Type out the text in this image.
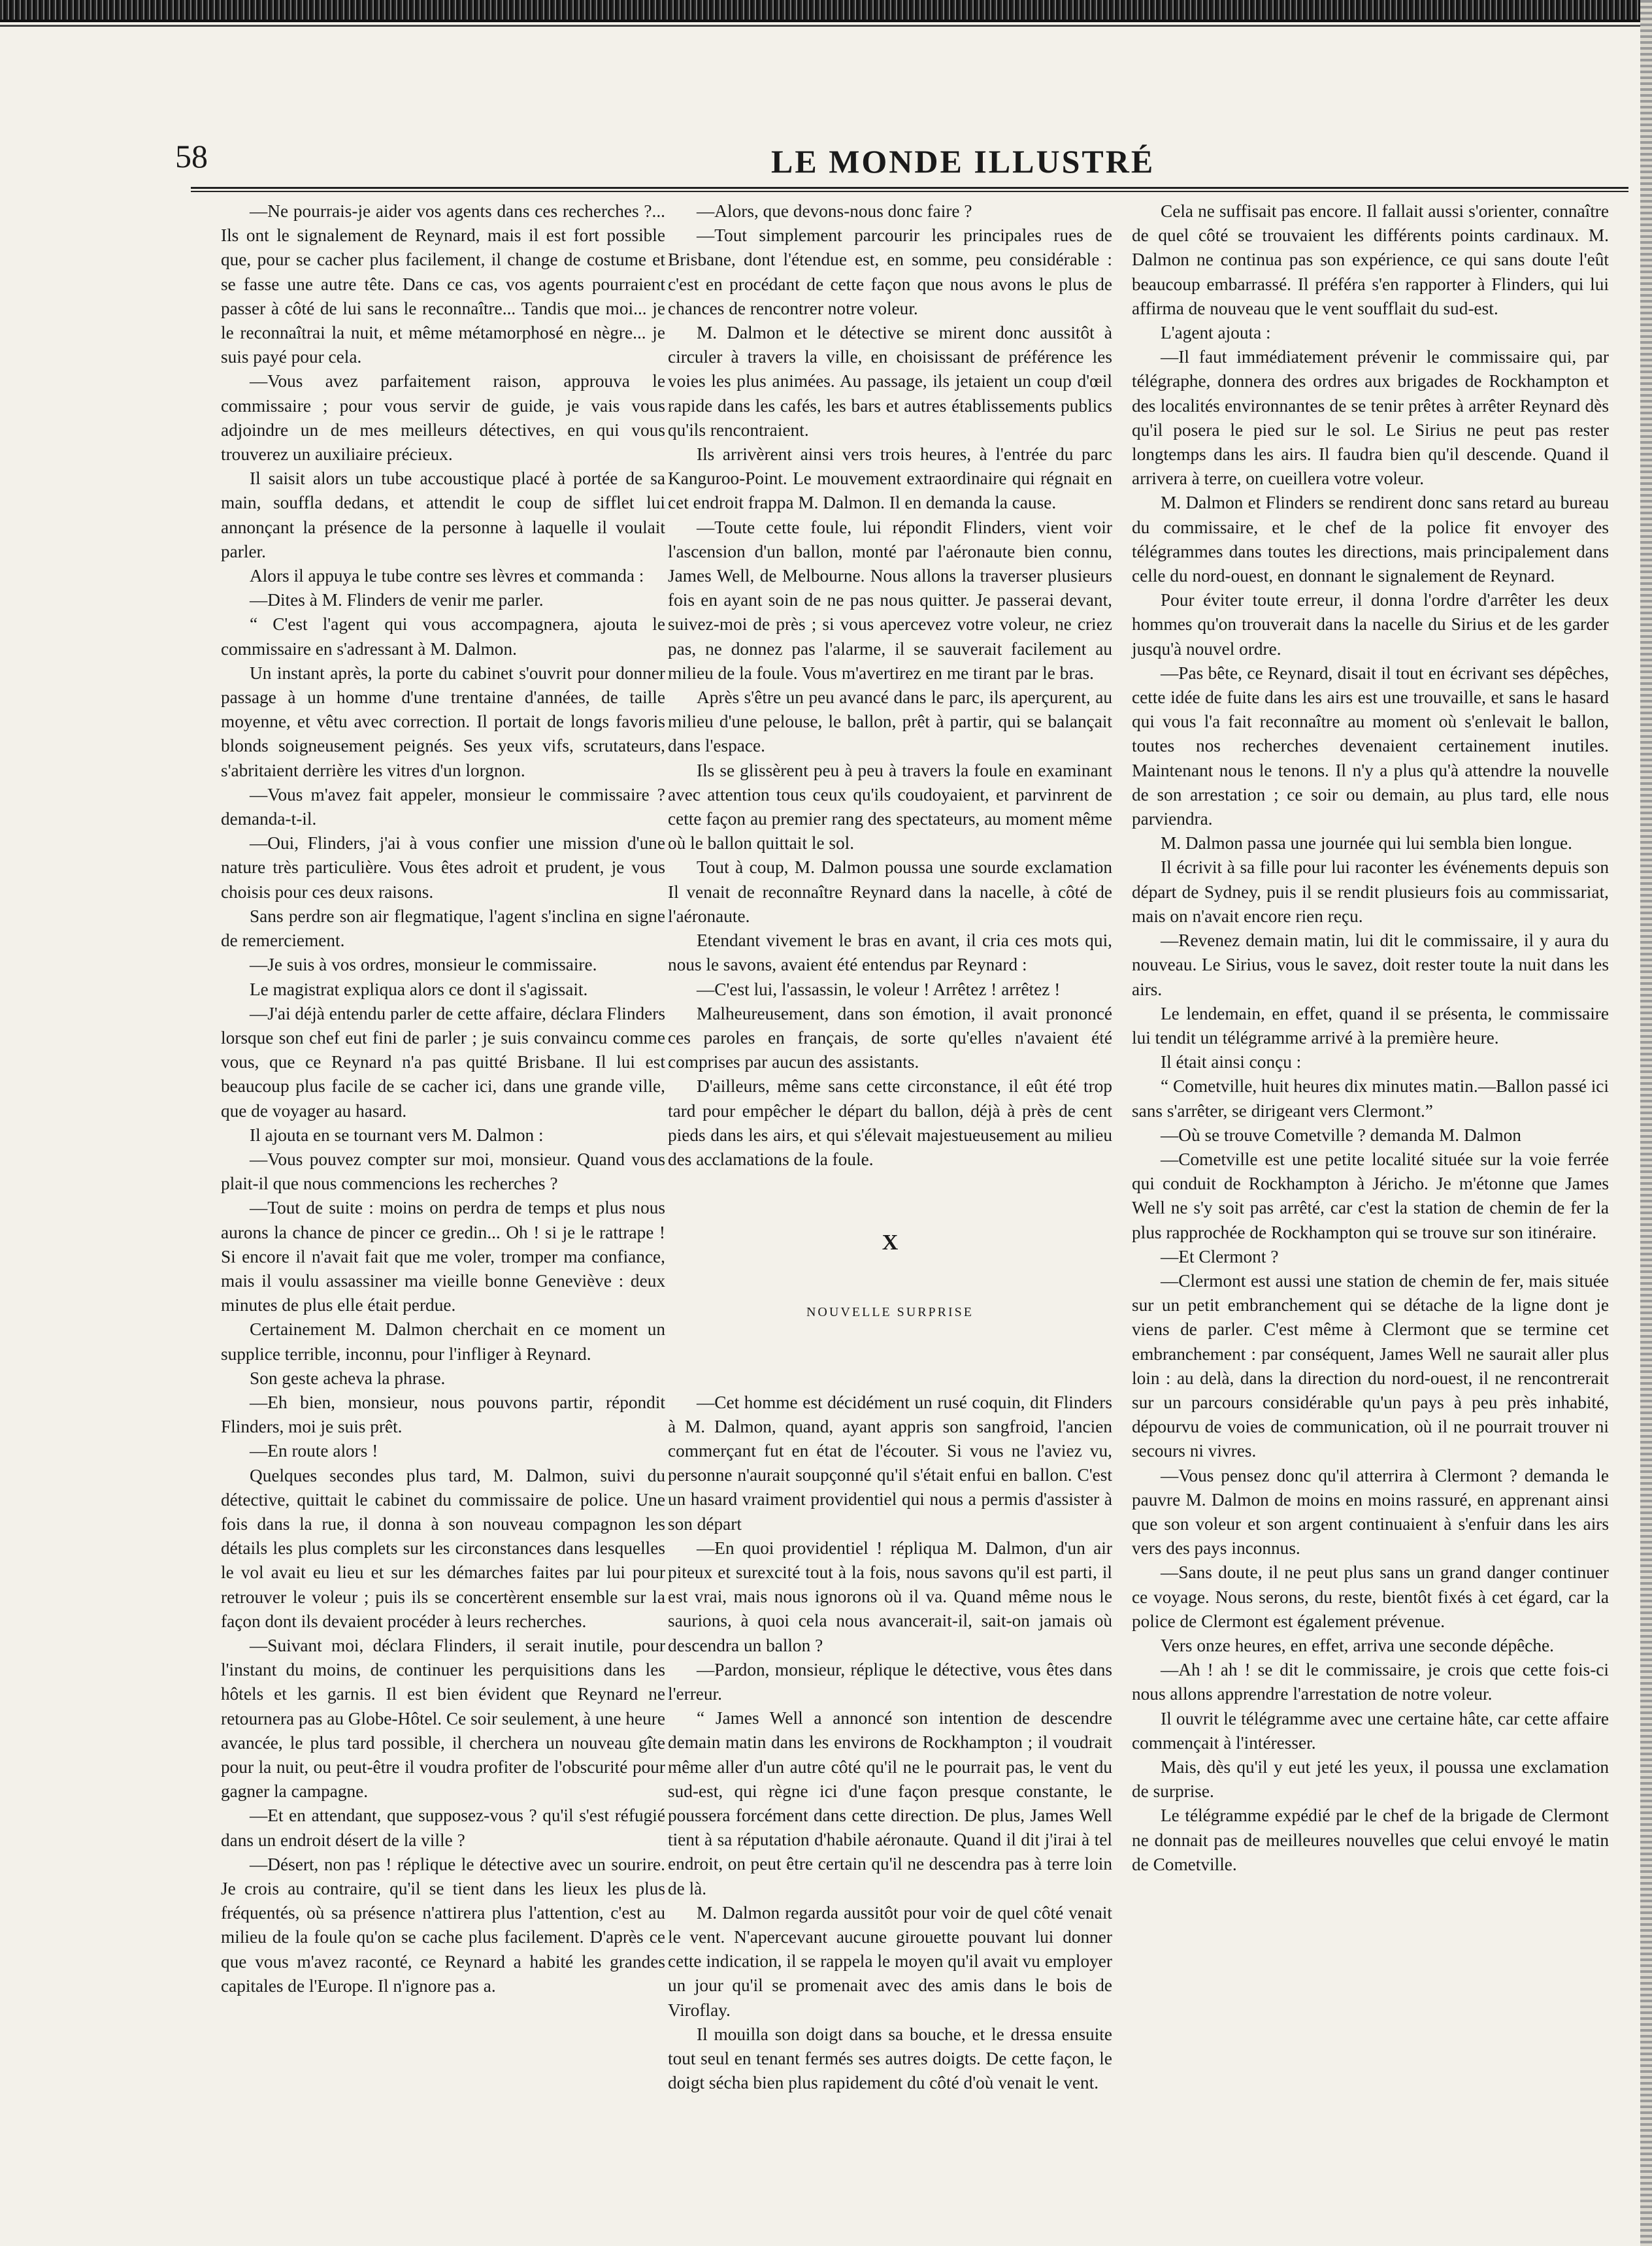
58	LE MONDE ILLUSTRÉ

—Ne pourrais-je aider vos agents dans ces recherches ?... Ils ont le signalement de Reynard, mais il est fort possible que, pour se cacher plus facilement, il change de costume et se fasse une autre tête. Dans ce cas, vos agents pourraient passer à côté de lui sans le reconnaître... Tandis que moi... je le reconnaîtrai la nuit, et même métamorphosé en nègre... je suis payé pour cela.

—Vous avez parfaitement raison, approuva le commissaire ; pour vous servir de guide, je vais vous adjoindre un de mes meilleurs détectives, en qui vous trouverez un auxiliaire précieux.

Il saisit alors un tube accoustique placé à portée de sa main, souffla dedans, et attendit le coup de sifflet lui annonçant la présence de la personne à laquelle il voulait parler.

Alors il appuya le tube contre ses lèvres et commanda :

—Dites à M. Flinders de venir me parler.

“ C'est l'agent qui vous accompagnera, ajouta le commissaire en s'adressant à M. Dalmon.

Un instant après, la porte du cabinet s'ouvrit pour donner passage à un homme d'une trentaine d'années, de taille moyenne, et vêtu avec correction. Il portait de longs favoris blonds soigneusement peignés. Ses yeux vifs, scrutateurs, s'abritaient derrière les vitres d'un lorgnon.

—Vous m'avez fait appeler, monsieur le commissaire ? demanda-t-il.

—Oui, Flinders, j'ai à vous confier une mission d'une nature très particulière. Vous êtes adroit et prudent, je vous choisis pour ces deux raisons.

Sans perdre son air flegmatique, l'agent s'inclina en signe de remerciement.

—Je suis à vos ordres, monsieur le commissaire.

Le magistrat expliqua alors ce dont il s'agissait.

—J'ai déjà entendu parler de cette affaire, déclara Flinders lorsque son chef eut fini de parler ; je suis convaincu comme vous, que ce Reynard n'a pas quitté Brisbane. Il lui est beaucoup plus facile de se cacher ici, dans une grande ville, que de voyager au hasard.

Il ajouta en se tournant vers M. Dalmon :

—Vous pouvez compter sur moi, monsieur. Quand vous plait-il que nous commencions les recherches ?

—Tout de suite : moins on perdra de temps et plus nous aurons la chance de pincer ce gredin... Oh ! si je le rattrape ! Si encore il n'avait fait que me voler, tromper ma confiance, mais il voulu assassiner ma vieille bonne Geneviève : deux minutes de plus elle était perdue.

Certainement M. Dalmon cherchait en ce moment un supplice terrible, inconnu, pour l'infliger à Reynard.

Son geste acheva la phrase.

—Eh bien, monsieur, nous pouvons partir, répondit Flinders, moi je suis prêt.

—En route alors !

Quelques secondes plus tard, M. Dalmon, suivi du détective, quittait le cabinet du commissaire de police. Une fois dans la rue, il donna à son nouveau compagnon les détails les plus complets sur les circonstances dans lesquelles le vol avait eu lieu et sur les démarches faites par lui pour retrouver le voleur ; puis ils se concertèrent ensemble sur la façon dont ils devaient procéder à leurs recherches.

—Suivant moi, déclara Flinders, il serait inutile, pour l'instant du moins, de continuer les perquisitions dans les hôtels et les garnis. Il est bien évident que Reynard ne retournera pas au Globe-Hôtel. Ce soir seulement, à une heure avancée, le plus tard possible, il cherchera un nouveau gîte pour la nuit, ou peut-être il voudra profiter de l'obscurité pour gagner la campagne.

—Et en attendant, que supposez-vous ? qu'il s'est réfugié dans un endroit désert de la ville ?

—Désert, non pas ! réplique le détective avec un sourire. Je crois au contraire, qu'il se tient dans les lieux les plus fréquentés, où sa présence n'attirera plus l'attention, c'est au milieu de la foule qu'on se cache plus facilement. D'après ce que vous m'avez raconté, ce Reynard a habité les grandes capitales de l'Europe. Il n'ignore pas a.

—Alors, que devons-nous donc faire ?

—Tout simplement parcourir les principales rues de Brisbane, dont l'étendue est, en somme, peu considérable : c'est en procédant de cette façon que nous avons le plus de chances de rencontrer notre voleur.

M. Dalmon et le détective se mirent donc aussitôt à circuler à travers la ville, en choisissant de préférence les voies les plus animées. Au passage, ils jetaient un coup d'œil rapide dans les cafés, les bars et autres établissements publics qu'ils rencontraient.

Ils arrivèrent ainsi vers trois heures, à l'entrée du parc Kanguroo-Point. Le mouvement extraordinaire qui régnait en cet endroit frappa M. Dalmon. Il en demanda la cause.

—Toute cette foule, lui répondit Flinders, vient voir l'ascension d'un ballon, monté par l'aéronaute bien connu, James Well, de Melbourne. Nous allons la traverser plusieurs fois en ayant soin de ne pas nous quitter. Je passerai devant, suivez-moi de près ; si vous apercevez votre voleur, ne criez pas, ne donnez pas l'alarme, il se sauverait facilement au milieu de la foule. Vous m'avertirez en me tirant par le bras.

Après s'être un peu avancé dans le parc, ils aperçurent, au milieu d'une pelouse, le ballon, prêt à partir, qui se balançait dans l'espace.

Ils se glissèrent peu à peu à travers la foule en examinant avec attention tous ceux qu'ils coudoyaient, et parvinrent de cette façon au premier rang des spectateurs, au moment même où le ballon quittait le sol.

Tout à coup, M. Dalmon poussa une sourde exclamation Il venait de reconnaître Reynard dans la nacelle, à côté de l'aéronaute.

Etendant vivement le bras en avant, il cria ces mots qui, nous le savons, avaient été entendus par Reynard :

—C'est lui, l'assassin, le voleur ! Arrêtez ! arrêtez !

Malheureusement, dans son émotion, il avait prononcé ces paroles en français, de sorte qu'elles n'avaient été comprises par aucun des assistants.

D'ailleurs, même sans cette circonstance, il eût été trop tard pour empêcher le départ du ballon, déjà à près de cent pieds dans les airs, et qui s'élevait majestueusement au milieu des acclamations de la foule.

X
NOUVELLE SURPRISE

—Cet homme est décidément un rusé coquin, dit Flinders à M. Dalmon, quand, ayant appris son sangfroid, l'ancien commerçant fut en état de l'écouter. Si vous ne l'aviez vu, personne n'aurait soupçonné qu'il s'était enfui en ballon. C'est un hasard vraiment providentiel qui nous a permis d'assister à son départ

—En quoi providentiel ! répliqua M. Dalmon, d'un air piteux et surexcité tout à la fois, nous savons qu'il est parti, il est vrai, mais nous ignorons où il va. Quand même nous le saurions, à quoi cela nous avancerait-il, sait-on jamais où descendra un ballon ?

—Pardon, monsieur, réplique le détective, vous êtes dans l'erreur.

“ James Well a annoncé son intention de descendre demain matin dans les environs de Rockhampton ; il voudrait même aller d'un autre côté qu'il ne le pourrait pas, le vent du sud-est, qui règne ici d'une façon presque constante, le poussera forcément dans cette direction. De plus, James Well tient à sa réputation d'habile aéronaute. Quand il dit j'irai à tel endroit, on peut être certain qu'il ne descendra pas à terre loin de là.

M. Dalmon regarda aussitôt pour voir de quel côté venait le vent. N'apercevant aucune girouette pouvant lui donner cette indication, il se rappela le moyen qu'il avait vu employer un jour qu'il se promenait avec des amis dans le bois de Viroflay.

Il mouilla son doigt dans sa bouche, et le dressa ensuite tout seul en tenant fermés ses autres doigts. De cette façon, le doigt sécha bien plus rapidement du côté d'où venait le vent.

Cela ne suffisait pas encore. Il fallait aussi s'orienter, connaître de quel côté se trouvaient les différents points cardinaux. M. Dalmon ne continua pas son expérience, ce qui sans doute l'eût beaucoup embarrassé. Il préféra s'en rapporter à Flinders, qui lui affirma de nouveau que le vent soufflait du sud-est.

L'agent ajouta :

—Il faut immédiatement prévenir le commissaire qui, par télégraphe, donnera des ordres aux brigades de Rockhampton et des localités environnantes de se tenir prêtes à arrêter Reynard dès qu'il posera le pied sur le sol. Le Sirius ne peut pas rester longtemps dans les airs. Il faudra bien qu'il descende. Quand il arrivera à terre, on cueillera votre voleur.

M. Dalmon et Flinders se rendirent donc sans retard au bureau du commissaire, et le chef de la police fit envoyer des télégrammes dans toutes les directions, mais principalement dans celle du nord-ouest, en donnant le signalement de Reynard.

Pour éviter toute erreur, il donna l'ordre d'arrêter les deux hommes qu'on trouverait dans la nacelle du Sirius et de les garder jusqu'à nouvel ordre.

—Pas bête, ce Reynard, disait il tout en écrivant ses dépêches, cette idée de fuite dans les airs est une trouvaille, et sans le hasard qui vous l'a fait reconnaître au moment où s'enlevait le ballon, toutes nos recherches devenaient certainement inutiles. Maintenant nous le tenons. Il n'y a plus qu'à attendre la nouvelle de son arrestation ; ce soir ou demain, au plus tard, elle nous parviendra.

M. Dalmon passa une journée qui lui sembla bien longue.

Il écrivit à sa fille pour lui raconter les événements depuis son départ de Sydney, puis il se rendit plusieurs fois au commissariat, mais on n'avait encore rien reçu.

—Revenez demain matin, lui dit le commissaire, il y aura du nouveau. Le Sirius, vous le savez, doit rester toute la nuit dans les airs.

Le lendemain, en effet, quand il se présenta, le commissaire lui tendit un télégramme arrivé à la première heure.

Il était ainsi conçu :

“ Cometville, huit heures dix minutes matin.—Ballon passé ici sans s'arrêter, se dirigeant vers Clermont.”

—Où se trouve Cometville ? demanda M. Dalmon

—Cometville est une petite localité située sur la voie ferrée qui conduit de Rockhampton à Jéricho. Je m'étonne que James Well ne s'y soit pas arrêté, car c'est la station de chemin de fer la plus rapprochée de Rockhampton qui se trouve sur son itinéraire.

—Et Clermont ?

—Clermont est aussi une station de chemin de fer, mais située sur un petit embranchement qui se détache de la ligne dont je viens de parler. C'est même à Clermont que se termine cet embranchement : par conséquent, James Well ne saurait aller plus loin : au delà, dans la direction du nord-ouest, il ne rencontrerait sur un parcours considérable qu'un pays à peu près inhabité, dépourvu de voies de communication, où il ne pourrait trouver ni secours ni vivres.

—Vous pensez donc qu'il atterrira à Clermont ? demanda le pauvre M. Dalmon de moins en moins rassuré, en apprenant ainsi que son voleur et son argent continuaient à s'enfuir dans les airs vers des pays inconnus.

—Sans doute, il ne peut plus sans un grand danger continuer ce voyage. Nous serons, du reste, bientôt fixés à cet égard, car la police de Clermont est également prévenue.

Vers onze heures, en effet, arriva une seconde dépêche.

—Ah ! ah ! se dit le commissaire, je crois que cette fois-ci nous allons apprendre l'arrestation de notre voleur.

Il ouvrit le télégramme avec une certaine hâte, car cette affaire commençait à l'intéresser.

Mais, dès qu'il y eut jeté les yeux, il poussa une exclamation de surprise.

Le télégramme expédié par le chef de la brigade de Clermont ne donnait pas de meilleures nouvelles que celui envoyé le matin de Cometville.
